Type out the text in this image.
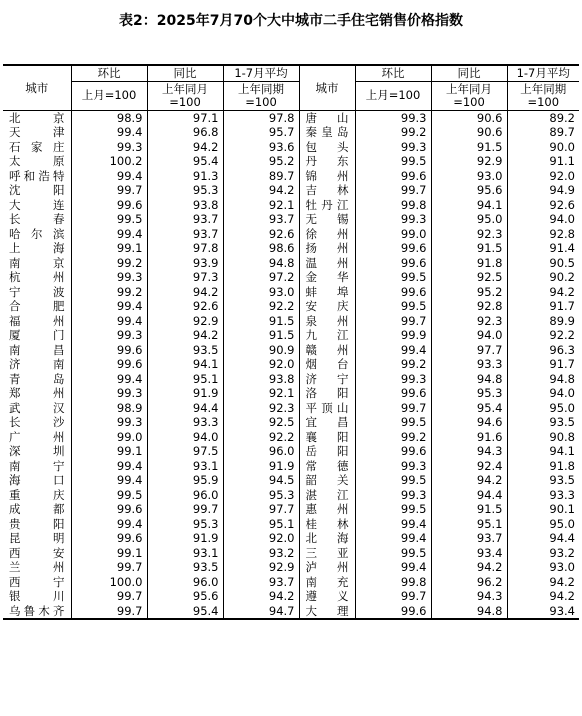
表2：2025年7月70个大中城市二手住宅销售价格指数
城市	环比	同比	1-7月平均	城市	环比	同比	1-7月平均
	上月=100	上年同月=100	上年同期=100		上月=100	上年同月=100	上年同期=100
北京	98.9	97.1	97.8	唐山	99.3	90.6	89.2
天津	99.4	96.8	95.7	秦皇岛	99.2	90.6	89.7
石家庄	99.3	94.2	93.6	包头	99.3	91.5	90.0
太原	100.2	95.4	95.2	丹东	99.5	92.9	91.1
呼和浩特	99.4	91.3	89.7	锦州	99.6	93.0	92.0
沈阳	99.7	95.3	94.2	吉林	99.7	95.6	94.9
大连	99.6	93.8	92.1	牡丹江	99.8	94.1	92.6
长春	99.5	93.7	93.7	无锡	99.3	95.0	94.0
哈尔滨	99.4	93.7	92.6	徐州	99.0	92.3	92.8
上海	99.1	97.8	98.6	扬州	99.6	91.5	91.4
南京	99.2	93.9	94.8	温州	99.6	91.8	90.5
杭州	99.3	97.3	97.2	金华	99.5	92.5	90.2
宁波	99.2	94.2	93.0	蚌埠	99.6	95.2	94.2
合肥	99.4	92.6	92.2	安庆	99.5	92.8	91.7
福州	99.4	92.9	91.5	泉州	99.7	92.3	89.9
厦门	99.3	94.2	91.5	九江	99.9	94.0	92.2
南昌	99.6	93.5	90.9	赣州	99.4	97.7	96.3
济南	99.6	94.1	92.0	烟台	99.2	93.3	91.7
青岛	99.4	95.1	93.8	济宁	99.3	94.8	94.8
郑州	99.3	91.9	92.1	洛阳	99.6	95.3	94.0
武汉	98.9	94.4	92.3	平顶山	99.7	95.4	95.0
长沙	99.3	93.3	92.5	宜昌	99.5	94.6	93.5
广州	99.0	94.0	92.2	襄阳	99.2	91.6	90.8
深圳	99.1	97.5	96.0	岳阳	99.6	94.3	94.1
南宁	99.4	93.1	91.9	常德	99.3	92.4	91.8
海口	99.4	95.9	94.5	韶关	99.5	94.2	93.5
重庆	99.5	96.0	95.3	湛江	99.3	94.4	93.3
成都	99.6	99.7	97.7	惠州	99.5	91.5	90.1
贵阳	99.4	95.3	95.1	桂林	99.4	95.1	95.0
昆明	99.6	91.9	92.0	北海	99.4	93.7	94.4
西安	99.1	93.1	93.2	三亚	99.5	93.4	93.2
兰州	99.7	93.5	92.9	泸州	99.4	94.2	93.0
西宁	100.0	96.0	93.7	南充	99.8	96.2	94.2
银川	99.7	95.6	94.2	遵义	99.7	94.3	94.2
乌鲁木齐	99.7	95.4	94.7	大理	99.6	94.8	93.4
